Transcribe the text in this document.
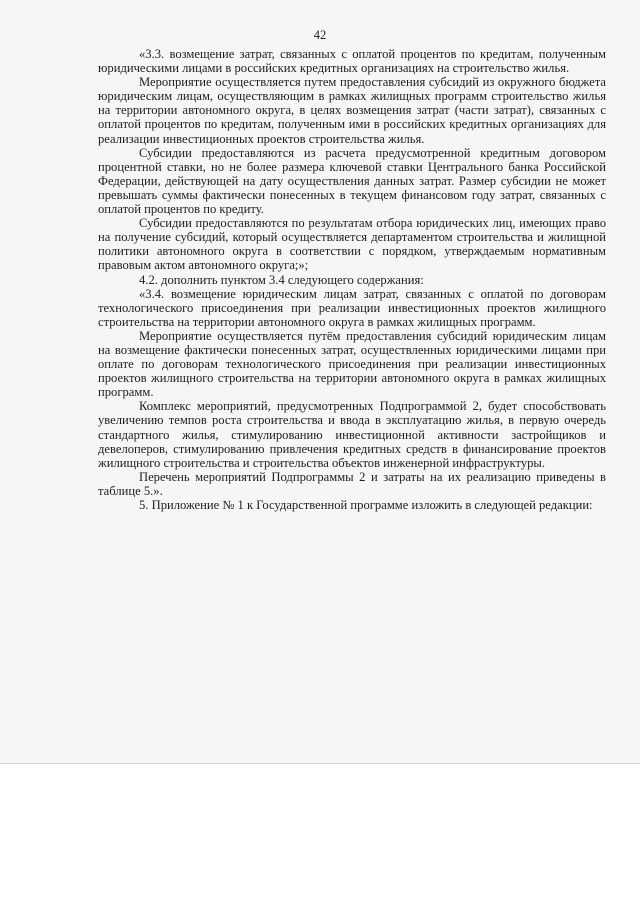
42

«3.3. возмещение затрат, связанных с оплатой процентов по кредитам, полученным юридическими лицами в российских кредитных организациях на строительство жилья.

Мероприятие осуществляется путем предоставления субсидий из окружного бюджета юридическим лицам, осуществляющим в рамках жилищных программ строительство жилья на территории автономного округа, в целях возмещения затрат (части затрат), связанных с оплатой процентов по кредитам, полученным ими в российских кредитных организациях для реализации инвестиционных проектов строительства жилья.

Субсидии предоставляются из расчета предусмотренной кредитным договором процентной ставки, но не более размера ключевой ставки Центрального банка Российской Федерации, действующей на дату осуществления данных затрат. Размер субсидии не может превышать суммы фактически понесенных в текущем финансовом году затрат, связанных с оплатой процентов по кредиту.

Субсидии предоставляются по результатам отбора юридических лиц, имеющих право на получение субсидий, который осуществляется департаментом строительства и жилищной политики автономного округа в соответствии с порядком, утверждаемым нормативным правовым актом автономного округа;»;

4.2. дополнить пунктом 3.4 следующего содержания:

«3.4. возмещение юридическим лицам затрат, связанных с оплатой по договорам технологического присоединения при реализации инвестиционных проектов жилищного строительства на территории автономного округа в рамках жилищных программ.

Мероприятие осуществляется путём предоставления субсидий юридическим лицам на возмещение фактически понесенных затрат, осуществленных юридическими лицами при оплате по договорам технологического присоединения при реализации инвестиционных проектов жилищного строительства на территории автономного округа в рамках жилищных программ.

Комплекс мероприятий, предусмотренных Подпрограммой 2, будет способствовать увеличению темпов роста строительства и ввода в эксплуатацию жилья, в первую очередь стандартного жилья, стимулированию инвестиционной активности застройщиков и девелоперов, стимулированию привлечения кредитных средств в финансирование проектов жилищного строительства и строительства объектов инженерной инфраструктуры.

Перечень мероприятий Подпрограммы 2 и затраты на их реализацию приведены в таблице 5.».

5. Приложение № 1 к Государственной программе изложить в следующей редакции:
